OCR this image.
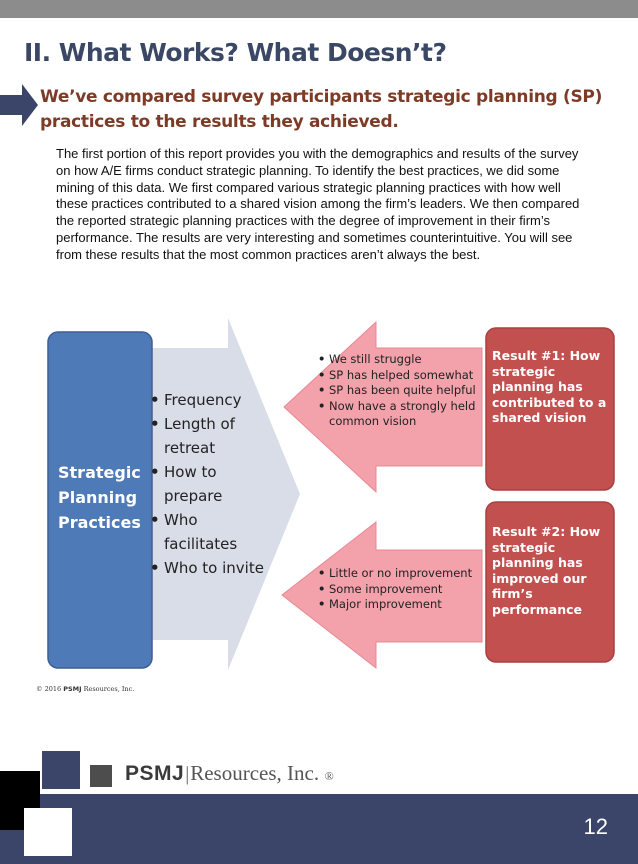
II. What Works? What Doesn’t?
We’ve compared survey participants strategic planning (SP) practices to the results they achieved.

The first portion of this report provides you with the demographics and results of the survey on how A/E firms conduct strategic planning. To identify the best practices, we did some mining of this data. We first compared various strategic planning practices with how well these practices contributed to a shared vision among the firm’s leaders. We then compared the reported strategic planning practices with the degree of improvement in their firm’s performance. The results are very interesting and sometimes counterintuitive. You will see from these results that the most common practices aren’t always the best.

Strategic Planning Practices

• Frequency
• Length of retreat
• How to prepare
• Who facilitates
• Who to invite
• We still struggle
• SP has helped somewhat
• SP has been quite helpful
• Now have a strongly held common vision
• Little or no improvement
• Some improvement
• Major improvement

Result #1: How strategic planning has contributed to a shared vision

Result #2: How strategic planning has improved our firm’s performance

© 2016 PSMJ Resources, Inc.

PSMJ|Resources, Inc. ®

12
